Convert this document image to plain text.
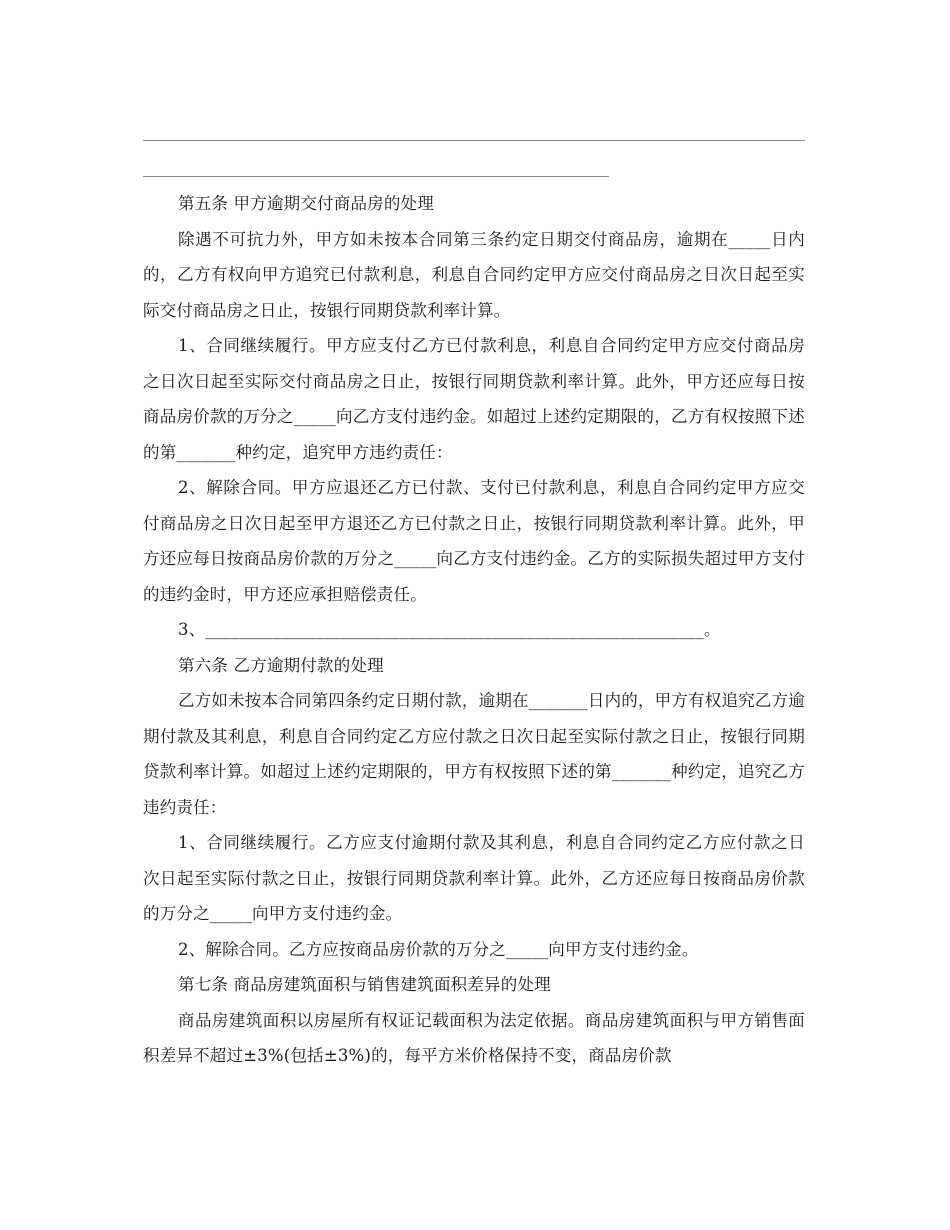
第五条 甲方逾期交付商品房的处理

除遇不可抗力外，甲方如未按本合同第三条约定日期交付商品房，逾期在_____日内的，乙方有权向甲方追究已付款利息，利息自合同约定甲方应交付商品房之日次日起至实际交付商品房之日止，按银行同期贷款利率计算。

1、合同继续履行。甲方应支付乙方已付款利息，利息自合同约定甲方应交付商品房之日次日起至实际交付商品房之日止，按银行同期贷款利率计算。此外，甲方还应每日按商品房价款的万分之_____向乙方支付违约金。如超过上述约定期限的，乙方有权按照下述的第_______种约定，追究甲方违约责任：

2、解除合同。甲方应退还乙方已付款、支付已付款利息，利息自合同约定甲方应交付商品房之日次日起至甲方退还乙方已付款之日止，按银行同期贷款利率计算。此外，甲方还应每日按商品房价款的万分之_____向乙方支付违约金。乙方的实际损失超过甲方支付的违约金时，甲方还应承担赔偿责任。

3、___________________________________________________________。

第六条 乙方逾期付款的处理

乙方如未按本合同第四条约定日期付款，逾期在_______日内的，甲方有权追究乙方逾期付款及其利息，利息自合同约定乙方应付款之日次日起至实际付款之日止，按银行同期贷款利率计算。如超过上述约定期限的，甲方有权按照下述的第_______种约定，追究乙方违约责任：

1、合同继续履行。乙方应支付逾期付款及其利息，利息自合同约定乙方应付款之日次日起至实际付款之日止，按银行同期贷款利率计算。此外，乙方还应每日按商品房价款的万分之_____向甲方支付违约金。

2、解除合同。乙方应按商品房价款的万分之_____向甲方支付违约金。

第七条 商品房建筑面积与销售建筑面积差异的处理

商品房建筑面积以房屋所有权证记载面积为法定依据。商品房建筑面积与甲方销售面积差异不超过±3%(包括±3%)的，每平方米价格保持不变，商品房价款
